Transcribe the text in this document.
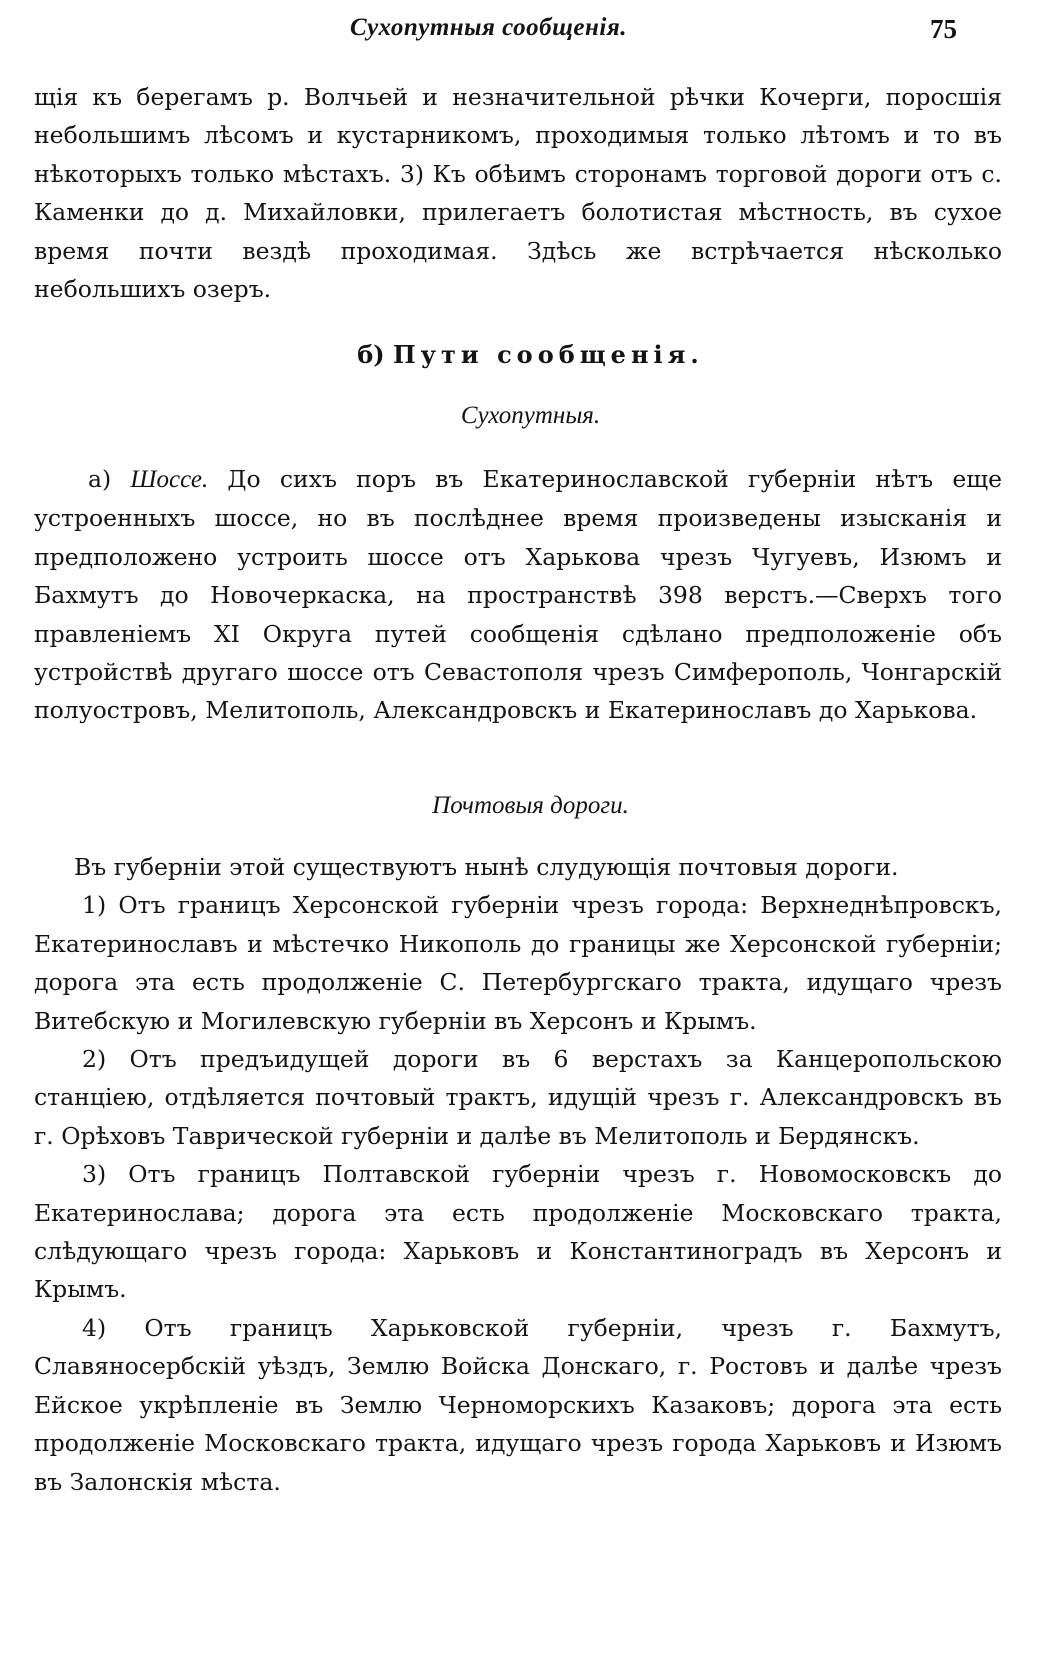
Сухопутныя сообщенія.	75

щія къ берегамъ р. Волчьей и незначительной рѣчки Кочерги, поросшія небольшимъ лѣсомъ и кустарникомъ, проходимыя только лѣтомъ и то въ нѣкоторыхъ только мѣстахъ. 3) Къ обѣимъ сторонамъ торговой дороги отъ с. Каменки до д. Михайловки, прилегаетъ болотистая мѣстность, въ сухое время почти вездѣ проходимая. Здѣсь же встрѣчается нѣсколько небольшихъ озеръ.

б) Пути сообщенія.
Сухопутныя.

а) Шоссе. До сихъ поръ въ Екатеринославской губерніи нѣтъ еще устроенныхъ шоссе, но въ послѣднее время произведены изысканія и предположено устроить шоссе отъ Харькова чрезъ Чугуевъ, Изюмъ и Бахмутъ до Новочеркаска, на пространствѣ 398 верстъ.—Сверхъ того правленіемъ XI Округа путей сообщенія сдѣлано предположеніе объ устройствѣ другаго шоссе отъ Севастополя чрезъ Симферополь, Чонгарскій полуостровъ, Мелитополь, Александровскъ и Екатеринославъ до Харькова.

Почтовыя дороги.

Въ губерніи этой существуютъ нынѣ слудующія почтовыя дороги.

1) Отъ границъ Херсонской губерніи чрезъ города: Верхнеднѣпровскъ, Екатеринославъ и мѣстечко Никополь до границы же Херсонской губерніи; дорога эта есть продолженіе С. Петербургскаго тракта, идущаго чрезъ Витебскую и Могилевскую губерніи въ Херсонъ и Крымъ.

2) Отъ предъидущей дороги въ 6 верстахъ за Канцеропольскою станціею, отдѣляется почтовый трактъ, идущій чрезъ г. Александровскъ въ г. Орѣховъ Таврической губерніи и далѣе въ Мелитополь и Бердянскъ.

3) Отъ границъ Полтавской губерніи чрезъ г. Новомосковскъ до Екатеринослава; дорога эта есть продолженіе Московскаго тракта, слѣдующаго чрезъ города: Харьковъ и Константиноградъ въ Херсонъ и Крымъ.

4) Отъ границъ Харьковской губерніи, чрезъ г. Бахмутъ, Славяносербскій уѣздъ, Землю Войска Донскаго, г. Ростовъ и далѣе чрезъ Ейское укрѣпленіе въ Землю Черноморскихъ Казаковъ; дорога эта есть продолженіе Московскаго тракта, идущаго чрезъ города Харьковъ и Изюмъ въ Залонскія мѣста.
